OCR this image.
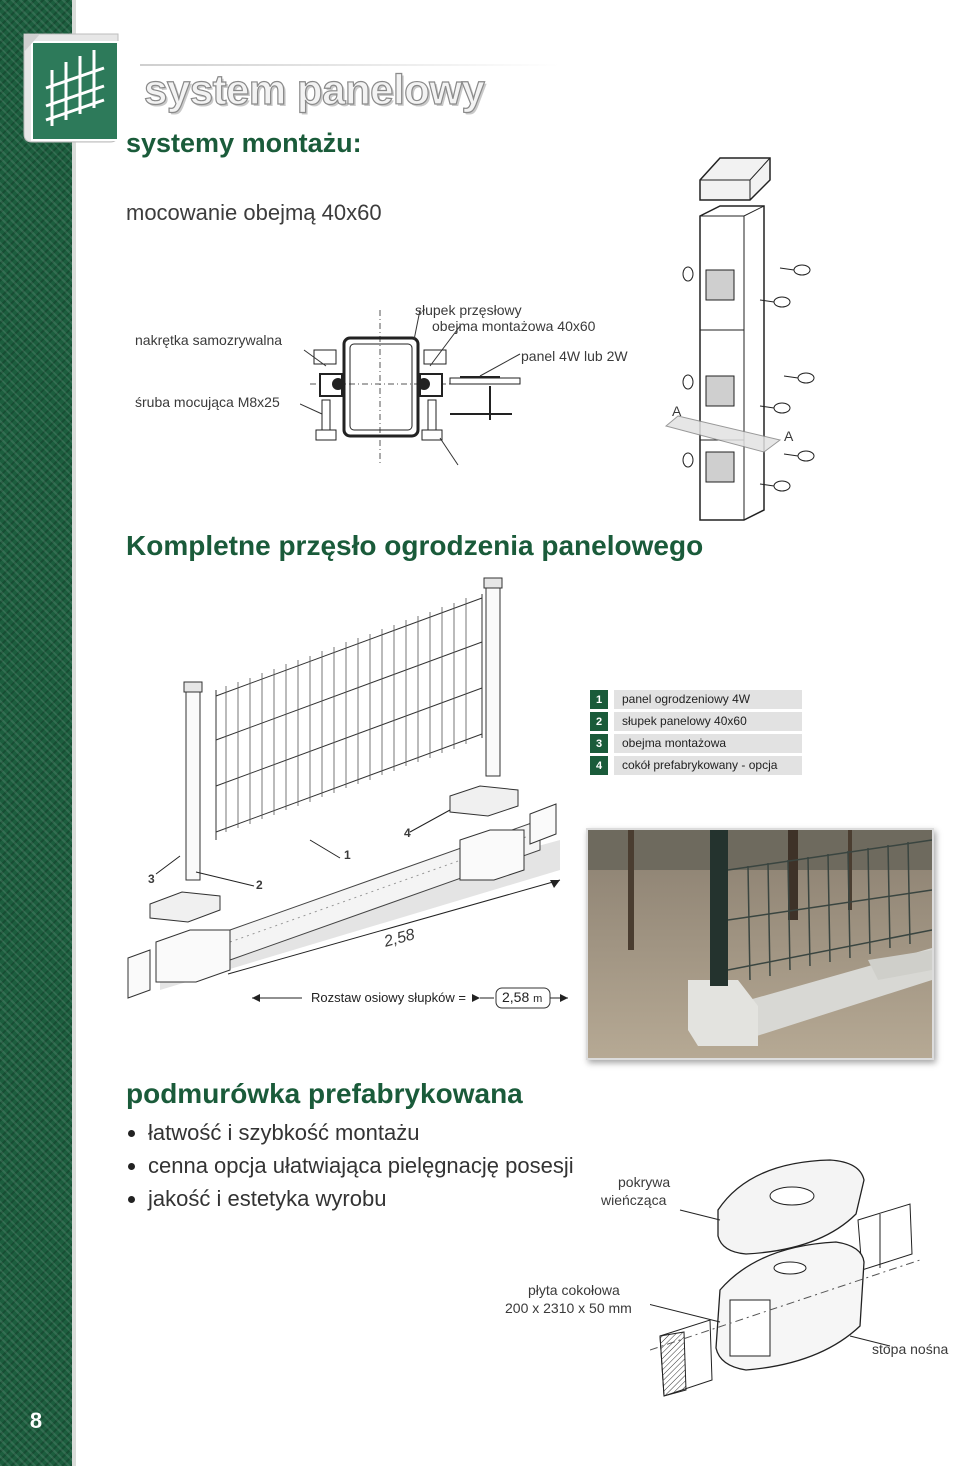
8
system panelowy
systemy montażu:
mocowanie obejmą 40x60
słupek przęsłowy
obejma montażowa 40x60
nakrętka samozrywalna
panel 4W lub 2W
śruba mocująca M8x25
A
A
Kompletne przęsło ogrodzenia panelowego
3	2
1
4
2,58
Rozstaw osiowy słupków =	2,58 m
1	panel ogrodzeniowy 4W
2	słupek panelowy 40x60
3	obejma montażowa
4	cokół prefabrykowany - opcja
podmurówka prefabrykowana
łatwość i szybkość montażu
cenna opcja ułatwiająca pielęgnację posesji
jakość i estetyka wyrobu
pokrywa
wieńcząca
płyta cokołowa
200 x 2310 x 50 mm
stopa nośna
